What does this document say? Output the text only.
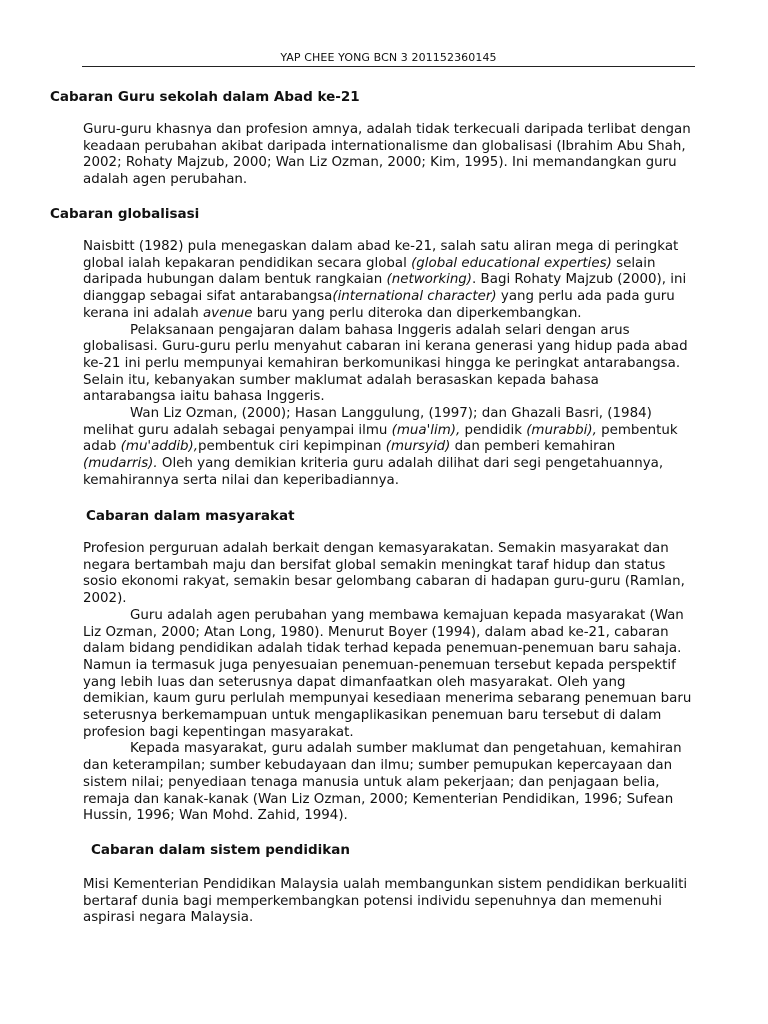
YAP CHEE YONG BCN 3 201152360145
Cabaran Guru sekolah dalam Abad ke-21

Guru-guru khasnya dan profesion amnya, adalah tidak terkecuali daripada terlibat dengan keadaan perubahan akibat daripada internationalisme dan globalisasi (Ibrahim Abu Shah, 2002; Rohaty Majzub, 2000; Wan Liz Ozman, 2000; Kim, 1995). Ini memandangkan guru adalah agen perubahan.

Cabaran globalisasi

Naisbitt (1982) pula menegaskan dalam abad ke-21, salah satu aliran mega di peringkat global ialah kepakaran pendidikan secara global (global educational experties) selain daripada hubungan dalam bentuk rangkaian (networking). Bagi Rohaty Majzub (2000), ini dianggap sebagai sifat antarabangsa(international character) yang perlu ada pada guru kerana ini adalah avenue baru yang perlu diteroka dan diperkembangkan.

Pelaksanaan pengajaran dalam bahasa Inggeris adalah selari dengan arus globalisasi. Guru-guru perlu menyahut cabaran ini kerana generasi yang hidup pada abad ke-21 ini perlu mempunyai kemahiran berkomunikasi hingga ke peringkat antarabangsa. Selain itu, kebanyakan sumber maklumat adalah berasaskan kepada bahasa antarabangsa iaitu bahasa Inggeris.

Wan Liz Ozman, (2000); Hasan Langgulung, (1997); dan Ghazali Basri, (1984) melihat guru adalah sebagai penyampai ilmu (mua'lim), pendidik (murabbi), pembentuk adab (mu'addib),pembentuk ciri kepimpinan (mursyid) dan pemberi kemahiran (mudarris). Oleh yang demikian kriteria guru adalah dilihat dari segi pengetahuannya, kemahirannya serta nilai dan keperibadiannya.

Cabaran dalam masyarakat

Profesion perguruan adalah berkait dengan kemasyarakatan. Semakin masyarakat dan negara bertambah maju dan bersifat global semakin meningkat taraf hidup dan status sosio ekonomi rakyat, semakin besar gelombang cabaran di hadapan guru-guru (Ramlan, 2002).

Guru adalah agen perubahan yang membawa kemajuan kepada masyarakat (Wan Liz Ozman, 2000; Atan Long, 1980). Menurut Boyer (1994), dalam abad ke-21, cabaran dalam bidang pendidikan adalah tidak terhad kepada penemuan-penemuan baru sahaja. Namun ia termasuk juga penyesuaian penemuan-penemuan tersebut kepada perspektif yang lebih luas dan seterusnya dapat dimanfaatkan oleh masyarakat. Oleh yang demikian, kaum guru perlulah mempunyai kesediaan menerima sebarang penemuan baru seterusnya berkemampuan untuk mengaplikasikan penemuan baru tersebut di dalam profesion bagi kepentingan masyarakat.

Kepada masyarakat, guru adalah sumber maklumat dan pengetahuan, kemahiran dan keterampilan; sumber kebudayaan dan ilmu; sumber pemupukan kepercayaan dan sistem nilai; penyediaan tenaga manusia untuk alam pekerjaan; dan penjagaan belia, remaja dan kanak-kanak (Wan Liz Ozman, 2000; Kementerian Pendidikan, 1996; Sufean Hussin, 1996; Wan Mohd. Zahid, 1994).

Cabaran dalam sistem pendidikan

Misi Kementerian Pendidikan Malaysia ualah membangunkan sistem pendidikan berkualiti bertaraf dunia bagi memperkembangkan potensi individu sepenuhnya dan memenuhi aspirasi negara Malaysia.
